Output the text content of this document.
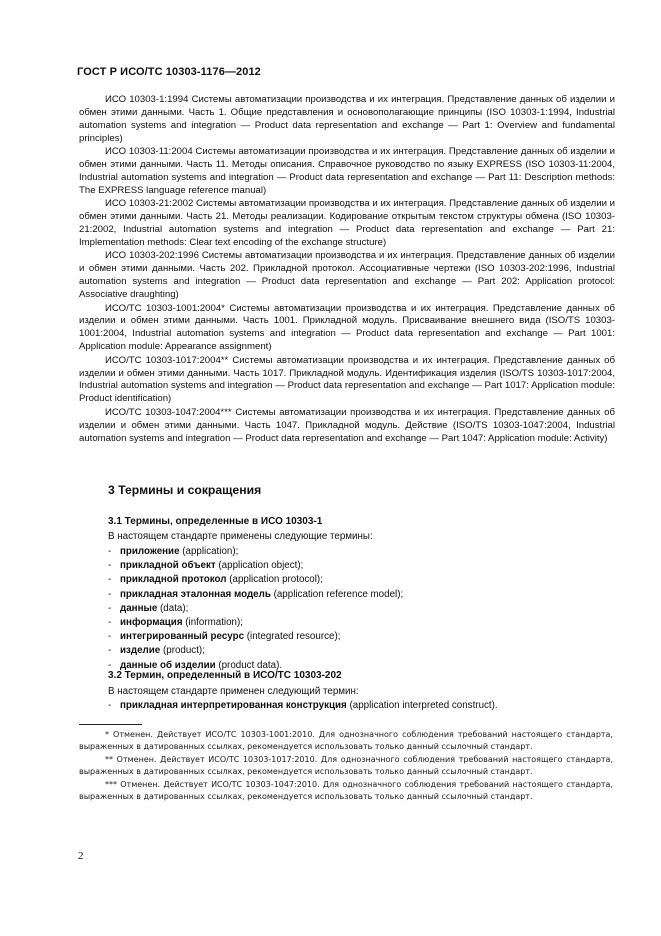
ГОСТ Р ИСО/ТС 10303-1176—2012

ИСО 10303-1:1994 Системы автоматизации производства и их интеграция. Представление данных об изделии и обмен этими данными. Часть 1. Общие представления и основополагающие принципы (ISO 10303-1:1994, Industrial automation systems and integration — Product data representation and exchange — Part 1: Overview and fundamental principles)

ИСО 10303-11:2004 Системы автоматизации производства и их интеграция. Представление данных об изделии и обмен этими данными. Часть 11. Методы описания. Справочное руководство по языку EXPRESS (ISO 10303-11:2004, Industrial automation systems and integration — Product data representation and exchange — Part 11: Description methods: The EXPRESS language reference manual)

ИСО 10303-21:2002 Системы автоматизации производства и их интеграция. Представление данных об изделии и обмен этими данными. Часть 21. Методы реализации. Кодирование открытым текстом структуры обмена (ISO 10303-21:2002, Industrial automation systems and integration — Product data representation and exchange — Part 21: Implementation methods: Clear text encoding of the exchange structure)

ИСО 10303-202:1996 Системы автоматизации производства и их интеграция. Представление данных об изделии и обмен этими данными. Часть 202. Прикладной протокол. Ассоциативные чертежи (ISO 10303-202:1996, Industrial automation systems and integration — Product data representation and exchange — Part 202: Application protocol: Associative draughting)

ИСО/ТС 10303-1001:2004* Системы автоматизации производства и их интеграция. Представление данных об изделии и обмен этими данными. Часть 1001. Прикладной модуль. Присваивание внешнего вида (ISO/TS 10303-1001:2004, Industrial automation systems and integration — Product data representation and exchange — Part 1001: Application module: Appearance assignment)

ИСО/ТС 10303-1017:2004** Системы автоматизации производства и их интеграция. Представление данных об изделии и обмен этими данными. Часть 1017. Прикладной модуль. Идентификация изделия (ISO/TS 10303-1017:2004, Industrial automation systems and integration — Product data representation and exchange — Part 1017: Application module: Product identification)

ИСО/ТС 10303-1047:2004*** Системы автоматизации производства и их интеграция. Представление данных об изделии и обмен этими данными. Часть 1047. Прикладной модуль. Действие (ISO/TS 10303-1047:2004, Industrial automation systems and integration — Product data representation and exchange — Part 1047: Application module: Activity)

3 Термины и сокращения
3.1 Термины, определенные в ИСО 10303-1
В настоящем стандарте применены следующие термины:
- приложение (application);
- прикладной объект (application object);
- прикладной протокол (application protocol);
- прикладная эталонная модель (application reference model);
- данные (data);
- информация (information);
- интегрированный ресурс (integrated resource);
- изделие (product);
- данные об изделии (product data).
3.2 Термин, определенный в ИСО/ТС 10303-202
В настоящем стандарте применен следующий термин:
- прикладная интерпретированная конструкция (application interpreted construct).

* Отменен. Действует ИСО/ТС 10303-1001:2010. Для однозначного соблюдения требований настоящего стандарта, выраженных в датированных ссылках, рекомендуется использовать только данный ссылочный стандарт.

** Отменен. Действует ИСО/ТС 10303-1017:2010. Для однозначного соблюдения требований настоящего стандарта, выраженных в датированных ссылках, рекомендуется использовать только данный ссылочный стандарт.

*** Отменен. Действует ИСО/ТС 10303-1047:2010. Для однозначного соблюдения требований настоящего стандарта, выраженных в датированных ссылках, рекомендуется использовать только данный ссылочный стандарт.

2
